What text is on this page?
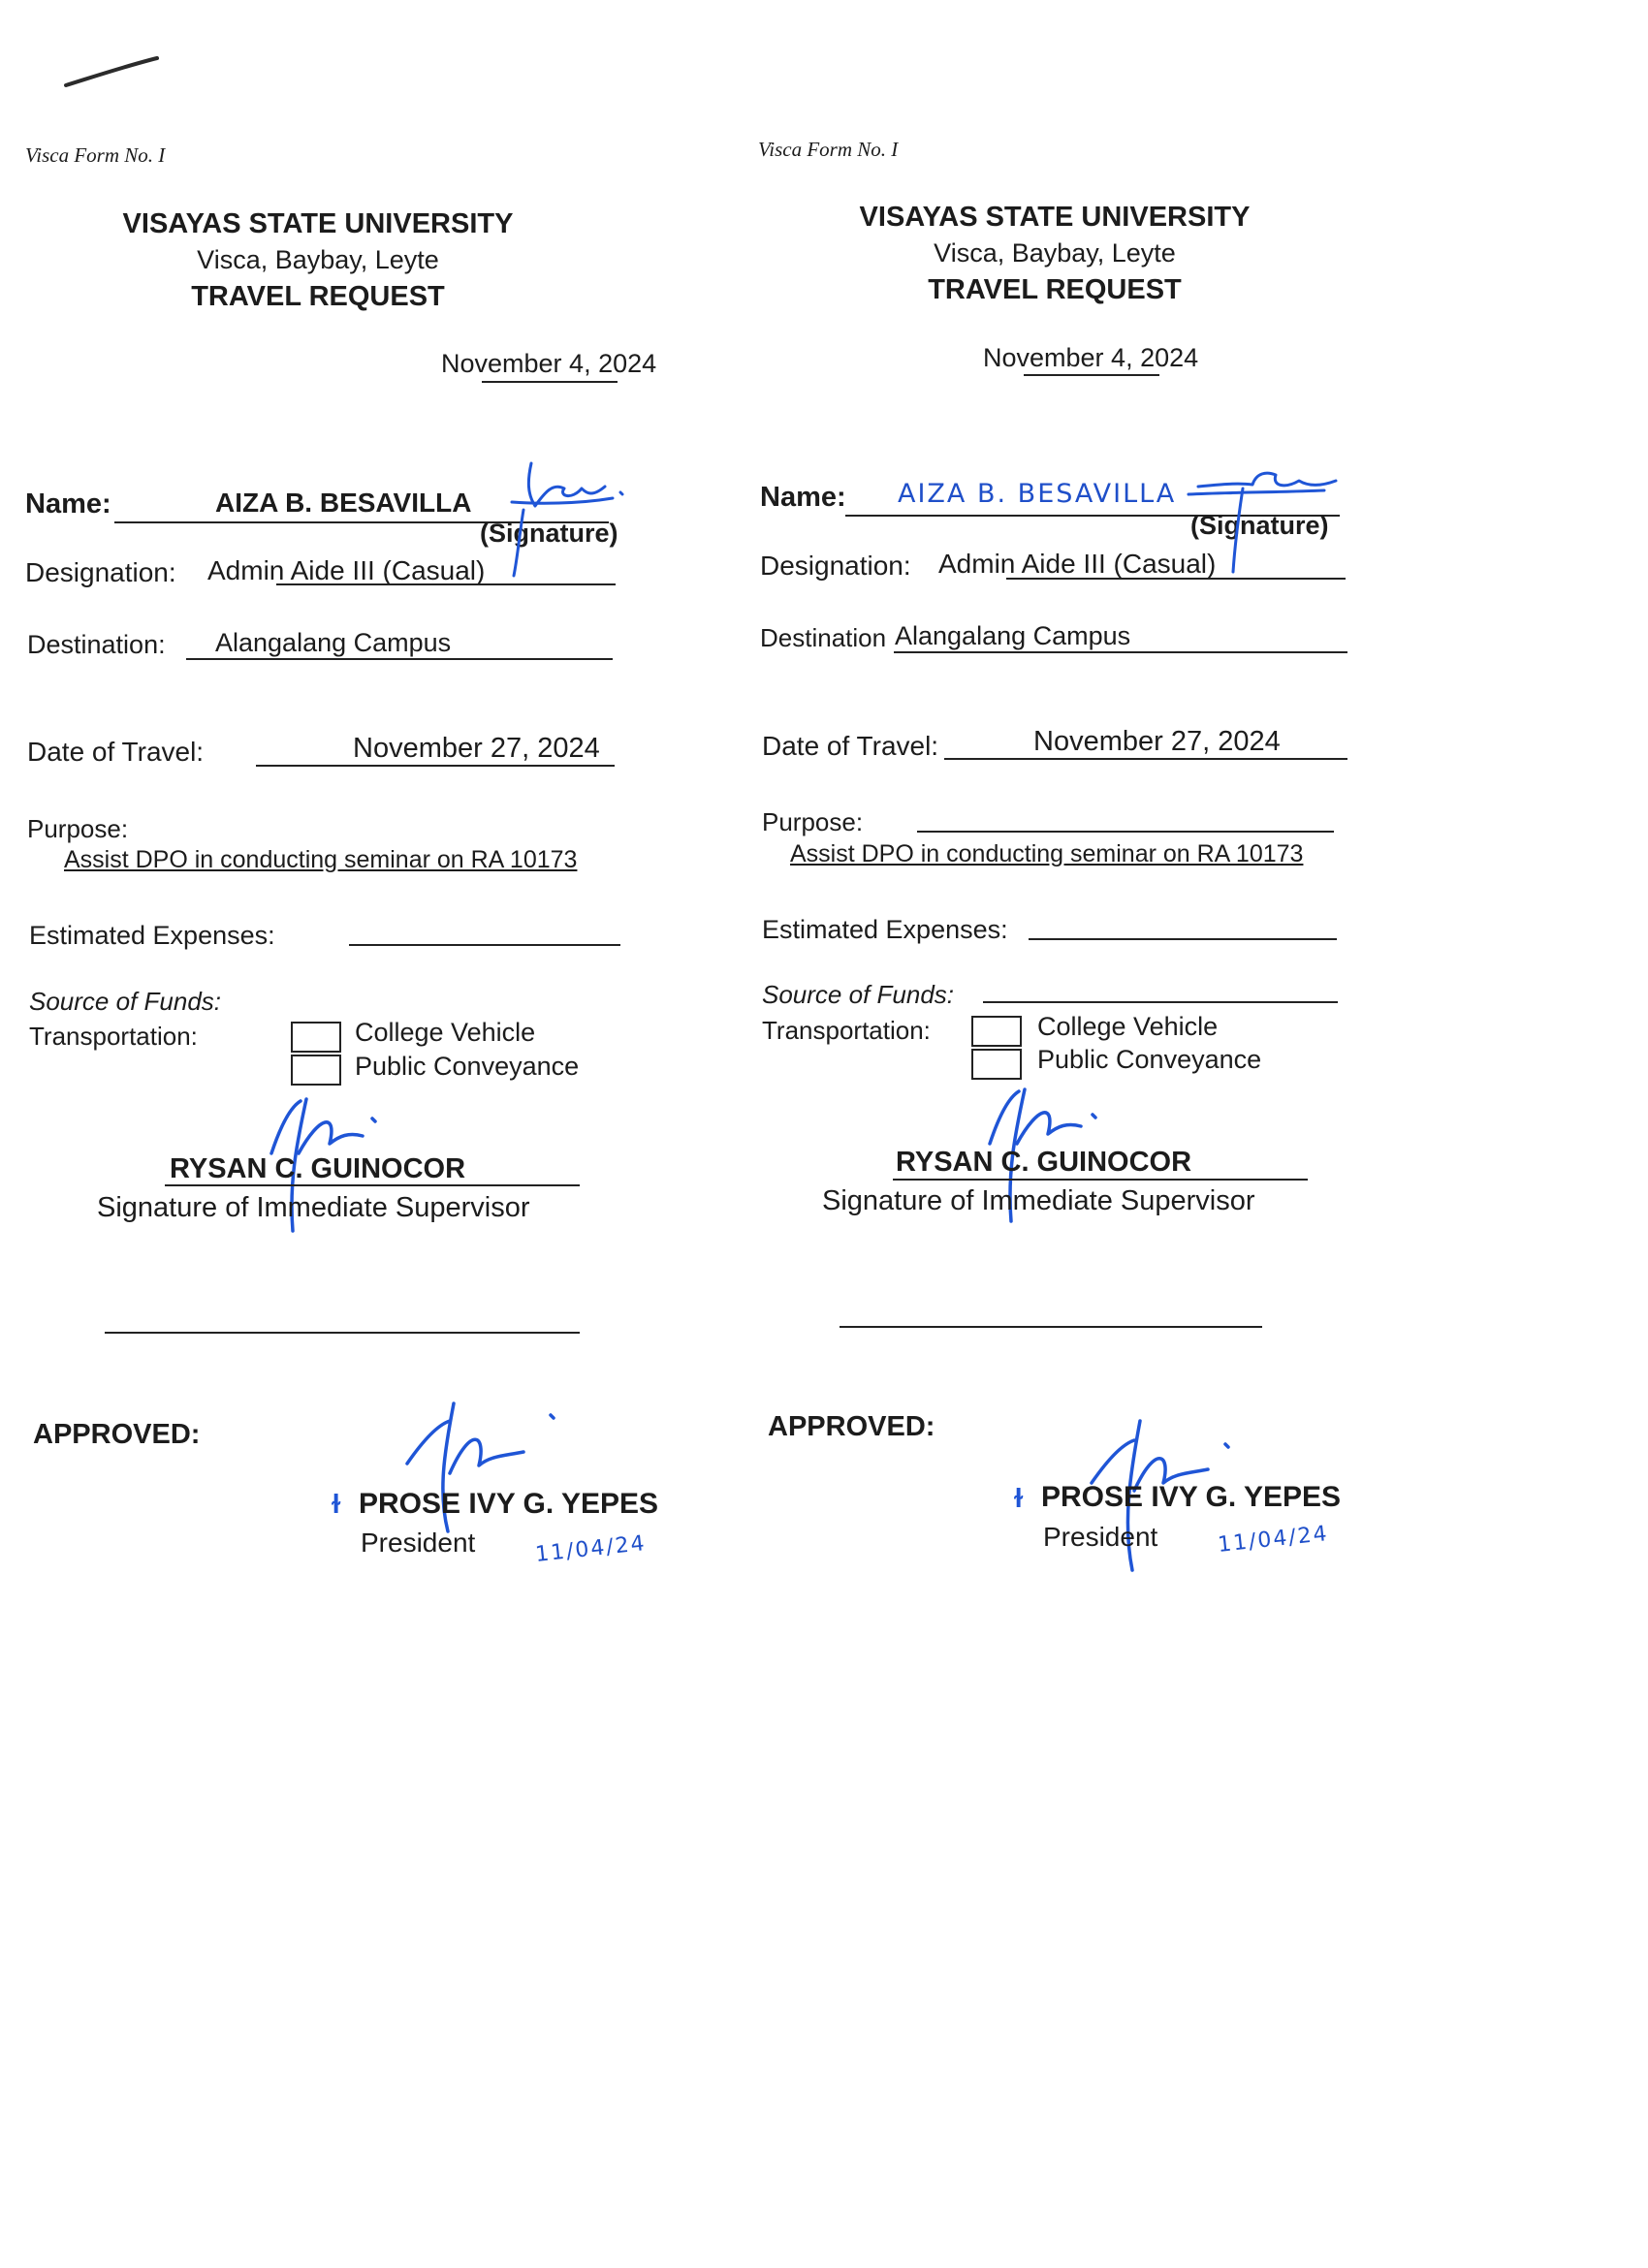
Visca Form No. I
VISAYAS STATE UNIVERSITY
Visca, Baybay, Leyte
TRAVEL REQUEST
November 4, 2024
Name:	AIZA B. BESAVILLA
(Signature)
Designation: Admin Aide III (Casual)
Destination: Alangalang Campus
Date of Travel:	November 27, 2024
Purpose:
Assist DPO in conducting seminar on RA 10173
Estimated Expenses:
Source of Funds:
Transportation:	College Vehicle
Public Conveyance
RYSAN C. GUINOCOR
Signature of Immediate Supervisor
APPROVED:
ɫ PROSE IVY G. YEPES
President	11/04/24
Visca Form No. I
VISAYAS STATE UNIVERSITY
Visca, Baybay, Leyte
TRAVEL REQUEST
November 4, 2024
Name: AIZA B. BESAVILLA
(Signature)
Designation: Admin Aide III (Casual)
Destination Alangalang Campus
Date of Travel:	November 27, 2024
Purpose:
Assist DPO in conducting seminar on RA 10173
Estimated Expenses:
Source of Funds:
Transportation:	College Vehicle
Public Conveyance
RYSAN C. GUINOCOR
Signature of Immediate Supervisor
APPROVED:
ɫ PROSE IVY G. YEPES
President	11/04/24
